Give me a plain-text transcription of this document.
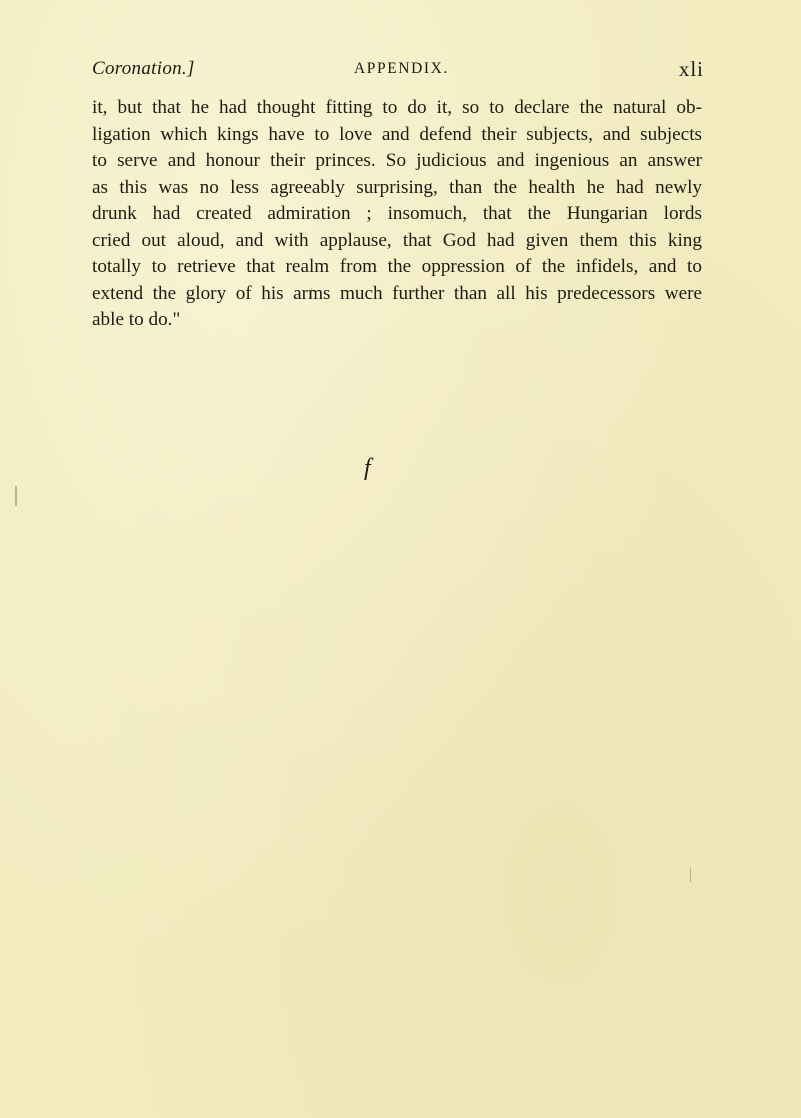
Coronation.]	APPENDIX.	xli
it, but that he had thought fitting to do it, so to declare the natural ob-
ligation which kings have to love and defend their subjects, and subjects
to serve and honour their princes. So judicious and ingenious an answer
as this was no less agreeably surprising, than the health he had newly
drunk had created admiration ; insomuch, that the Hungarian lords
cried out aloud, and with applause, that God had given them this king
totally to retrieve that realm from the oppression of the infidels, and to
extend the glory of his arms much further than all his predecessors were
able to do."
f
